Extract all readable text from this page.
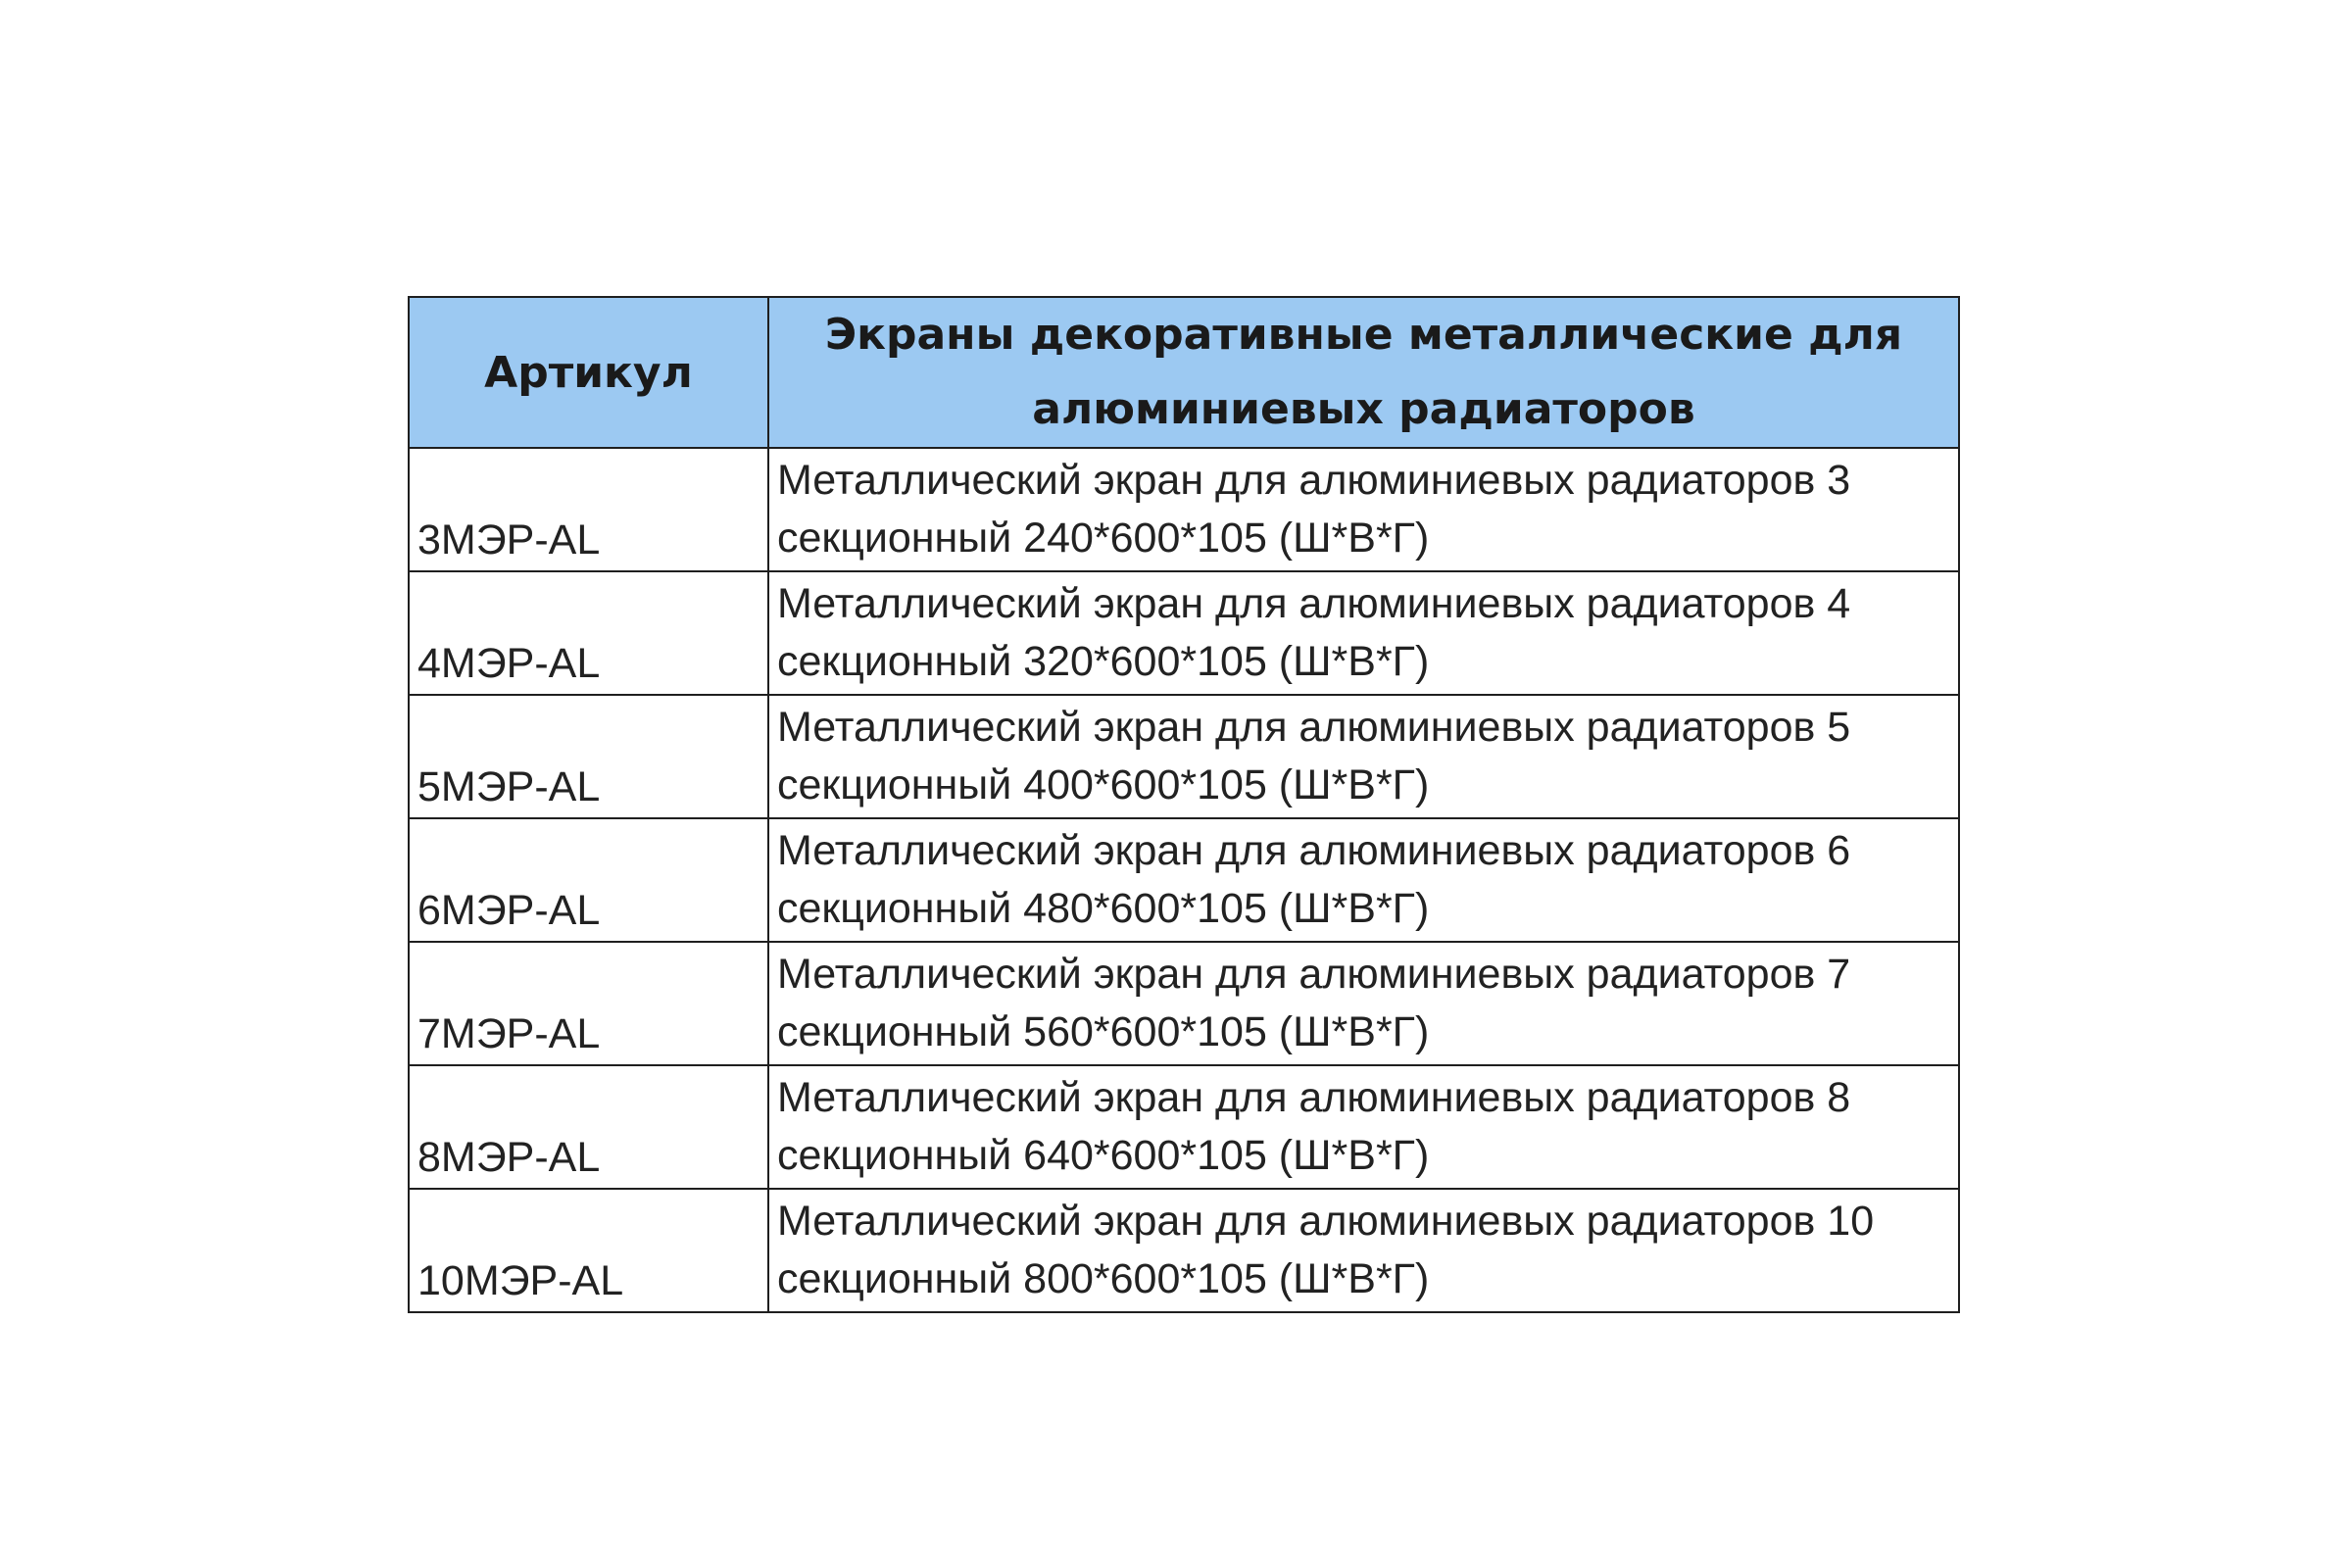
Артикул	Экраны декоративные металлические для алюминиевых радиаторов
3МЭР-AL	Металлический экран для алюминиевых радиаторов 3 секционный 240*600*105 (Ш*В*Г)
4МЭР-AL	Металлический экран для алюминиевых радиаторов 4 секционный 320*600*105 (Ш*В*Г)
5МЭР-AL	Металлический экран для алюминиевых радиаторов 5 секционный 400*600*105 (Ш*В*Г)
6МЭР-AL	Металлический экран для алюминиевых радиаторов 6 секционный 480*600*105 (Ш*В*Г)
7МЭР-AL	Металлический экран для алюминиевых радиаторов 7 секционный 560*600*105 (Ш*В*Г)
8МЭР-AL	Металлический экран для алюминиевых радиаторов 8 секционный 640*600*105 (Ш*В*Г)
10МЭР-AL	Металлический экран для алюминиевых радиаторов 10 секционный 800*600*105 (Ш*В*Г)
